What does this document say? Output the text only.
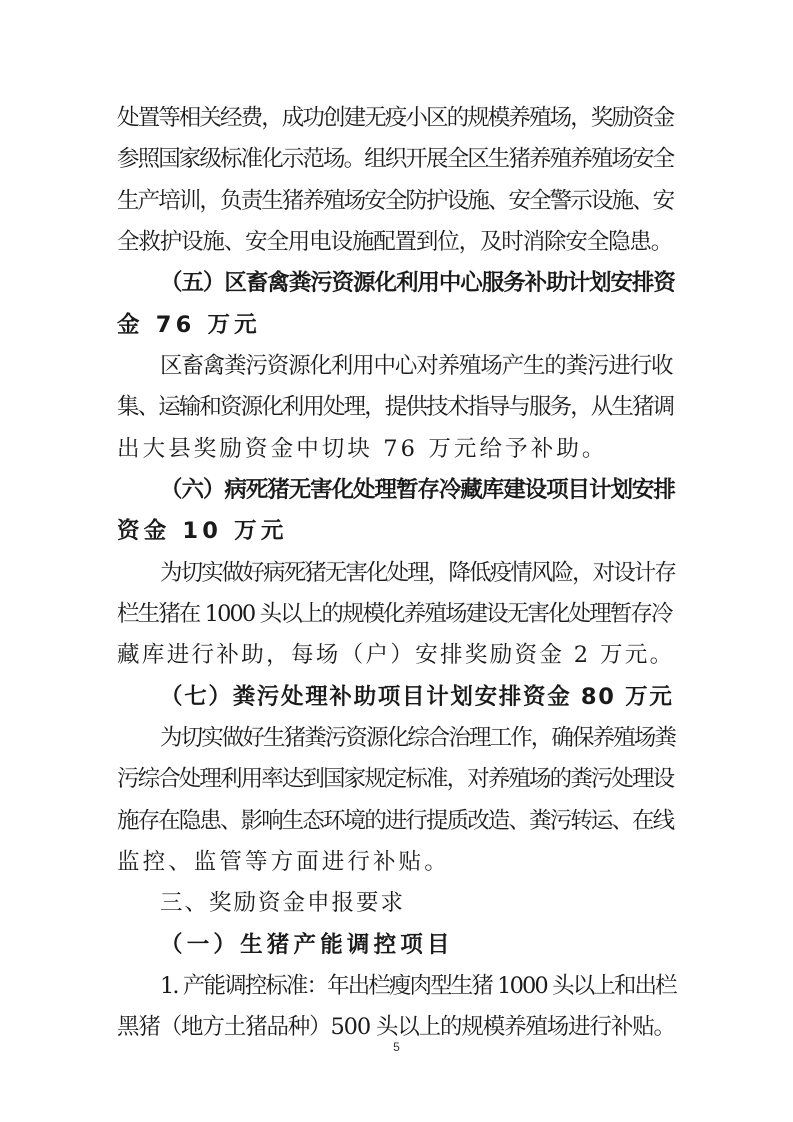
处置等相关经费，成功创建无疫小区的规模养殖场，奖励资金
参照国家级标准化示范场。组织开展全区生猪养殖养殖场安全
生产培训，负责生猪养殖场安全防护设施、安全警示设施、安
全救护设施、安全用电设施配置到位，及时消除安全隐患。
（五）区畜禽粪污资源化利用中心服务补助计划安排资
金 76 万元
区畜禽粪污资源化利用中心对养殖场产生的粪污进行收
集、运输和资源化利用处理，提供技术指导与服务，从生猪调
出大县奖励资金中切块 76 万元给予补助。
（六）病死猪无害化处理暂存冷藏库建设项目计划安排
资金 10 万元
为切实做好病死猪无害化处理，降低疫情风险，对设计存
栏生猪在 1000 头以上的规模化养殖场建设无害化处理暂存冷
藏库进行补助，每场（户）安排奖励资金 2 万元。
（七）粪污处理补助项目计划安排资金 80 万元
为切实做好生猪粪污资源化综合治理工作，确保养殖场粪
污综合处理利用率达到国家规定标准，对养殖场的粪污处理设
施存在隐患、影响生态环境的进行提质改造、粪污转运、在线
监控、监管等方面进行补贴。
三、奖励资金申报要求
（一）生猪产能调控项目
1. 产能调控标准：年出栏瘦肉型生猪 1000 头以上和出栏
黑猪（地方土猪品种）500 头以上的规模养殖场进行补贴。
5
